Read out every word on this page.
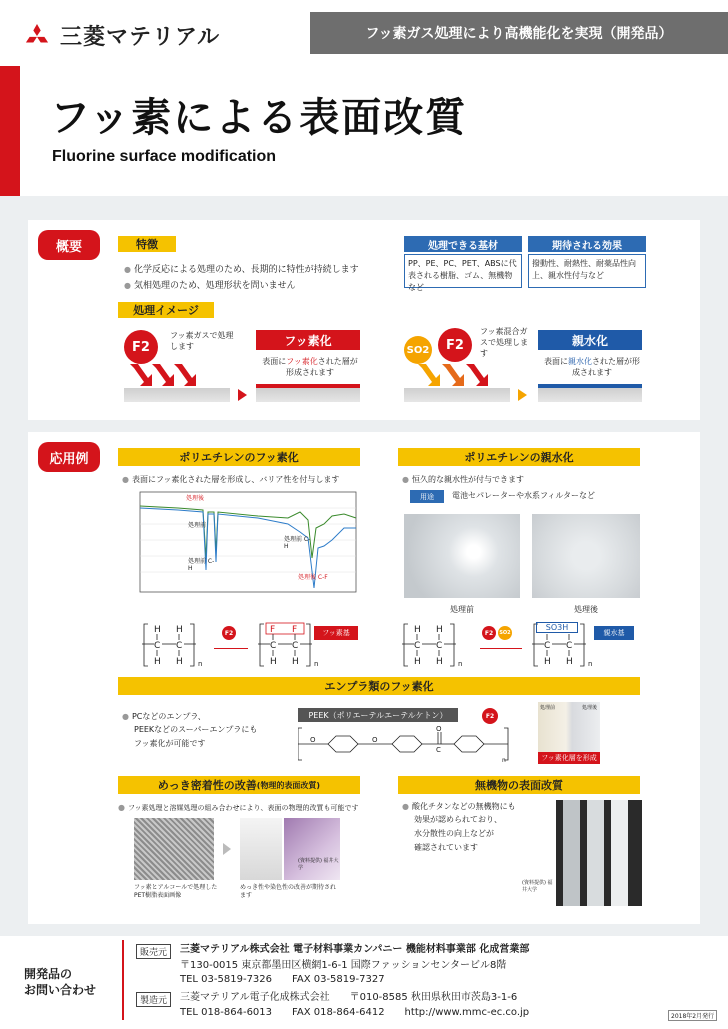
三菱マテリアル	フッ素ガス処理により高機能化を実現（開発品）
フッ素による表面改質
Fluorine surface modification
概要	特徴
● 化学反応による処理のため、長期的に特性が持続します
● 気相処理のため、処理形状を問いません
処理できる基材
PP、PE、PC、PET、ABSに代表される樹脂、ゴム、無機物など
期待される効果
撥動性、耐熱性、耐薬品性向上、親水性付与など
処理イメージ
F2
フッ素ガスで処理します	フッ素化
表面にフッ素化された層が形成されます
SO2	F2
フッ素混合ガスで処理します
親水化
表面に親水化された層が形成されます
応用例	ポリエチレンのフッ素化
● 表面にフッ素化された層を形成し、バリア性を付与します
処理後
処理前
処理前 C-H
処理前 C-H
処理後 C-F
H H
C C
H H n
F2	F F
C C
H H n
フッ素基
ポリエチレンの親水化
● 恒久的な親水性が付与できます
用途	電池セパレーターや水系フィルターなど
処理前	処理後
H H
C C
H H n
F2	SO2
C C
H H n
SO3H
親水基
エンプラ類のフッ素化
● PCなどのエンプラ、
PEEKなどのスーパーエンプラにも
フッ素化が可能です
PEEK（ポリエーテルエーテルケトン）	F2
O	O
O
C
n
処理前	処理後
フッ素化層を形成
めっき密着性の改善 (物理的表面改質)
● フッ素処理と溶媒処理の組み合わせにより、表面の物理的改質も可能です
(資料提供) 福井大学
フッ素とアルコールで処理したPET樹脂表面画像
めっき性や染色性の改善が期待されます
無機物の表面改質
● 酸化チタンなどの無機物にも
効果が認められており、
水分散性の向上などが
確認されています
(資料提供) 福井大学
開発品の
お問い合わせ
販売元	三菱マテリアル株式会社 電子材料事業カンパニー 機能材料事業部 化成営業部
〒130-0015 東京都墨田区横網1-6-1 国際ファッションセンタービル8階
TEL 03-5819-7326　　FAX 03-5819-7327
製造元	三菱マテリアル電子化成株式会社　　〒010-8585 秋田県秋田市茨島3-1-6
TEL 018-864-6013　　FAX 018-864-6412　　http://www.mmc-ec.co.jp	2018年2月発行
